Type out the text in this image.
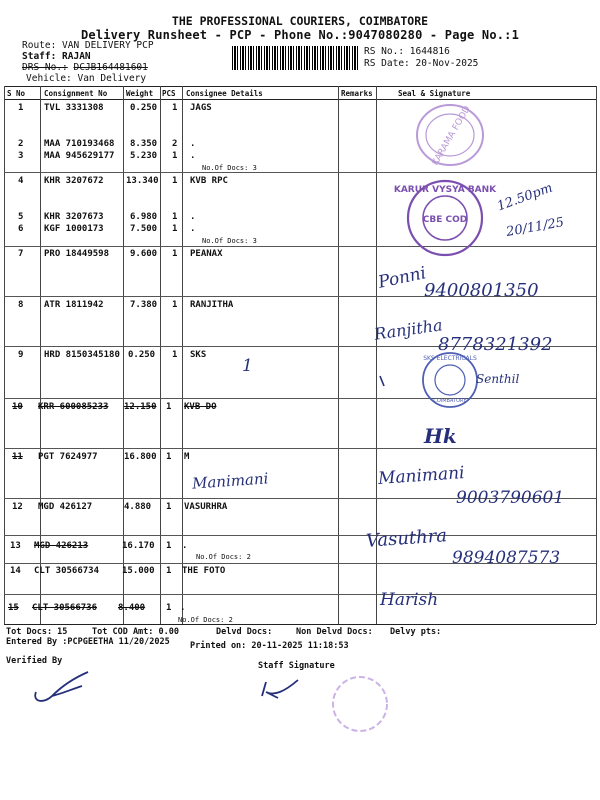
THE PROFESSIONAL COURIERS, COIMBATORE
Delivery Runsheet - PCP - Phone No.:9047080280 - Page No.:1
Route: VAN DELIVERY PCP
Staff: RAJAN
DRS No.: DCJB164481601
Vehicle: Van Delivery
RS No.: 1644816
RS Date: 20-Nov-2025
S No	Consignment No	Weight PCS Consignee Details	Remarks	Seal & Signature
1 TVL 3331308	0.250 1 JAGS
2 MAA 710193468 8.350 2 .
3 MAA 945629177 5.230 1 .
No.Of Docs: 3
4 KHR 3207672 13.340 1 KVB RPC
5 KHR 3207673	6.980 1 .
6 KGF 1000173	7.500 1 .
No.Of Docs: 3
7 PRO 18449598 9.600 1 PEANAX
8 ATR 1811942	7.380 1 RANJITHA
9 HRD 8150345180 0.250 1 SKS
10 KRR 600085233 12.150 1 KVB DO
11 PGT 7624977	16.800 1 M
12 MGD 426127	4.880 1 VASURHRA
13 MGD 426213	16.170 1 .
No.Of Docs: 2
14 CLT 30566734	15.000 1 THE FOTO
15 CLT 30566736 8.400 1 .
No.Of Docs: 2
KARAMA FOOD
KARUR VYSYA BANK
CBE COD
SKS ELECTRICALS
COIMBATORE
12.50pm
20/11/25
Ponni
9400801350
Ranjitha
8778321392
1
Senthil
Hk
Manimani	Manimani
9003790601
Vasuthra
9894087573
Harish
Tot Docs: 15	Tot COD Amt: 0.00	Delvd Docs:	Non Delvd Docs: Delvy pts:
Entered By :PCPGEETHA 11/20/2025 Printed on: 20-11-2025 11:18:53
Verified By	Staff Signature
